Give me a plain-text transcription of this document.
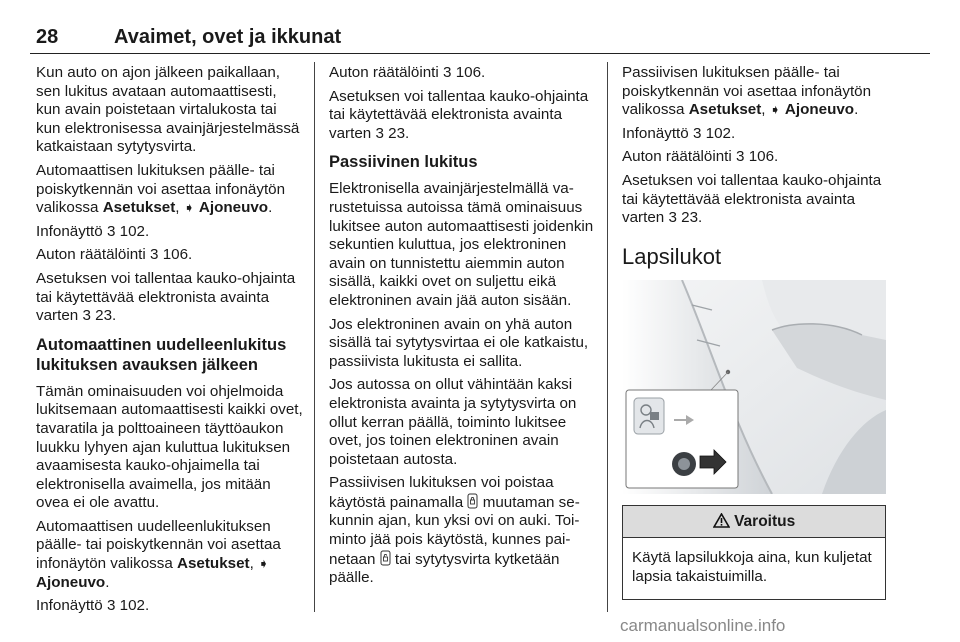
28	Avaimet, ovet ja ikkunat

Kun auto on ajon jälkeen paikallaan, sen lukitus avataan automaattisesti, kun avain poistetaan virtalukosta tai kun elektronisessa avainjärjestelmässä katkaistaan sytytysvirta.

Automaattisen lukituksen päälle- tai poiskytkennän voi asettaa infonäytön valikossa Asetukset, ➧ Ajoneuvo.

Infonäyttö 3 102.

Auton räätälöinti 3 106.

Asetuksen voi tallentaa kauko-ohjainta tai käytettävää elektronista avainta varten 3 23.

Automaattinen uudelleenlukitus lukituksen avauksen jälkeen

Tämän ominaisuuden voi ohjelmoida lukitsemaan automaattisesti kaikki ovet, tavaratila ja polttoaineen täyttöaukon luukku lyhyen ajan kuluttua lukituksen avaamisesta kauko-ohjaimella tai elektronisella avaimella, jos mitään ovea ei ole avattu.

Automaattisen uudelleenlukituksen päälle- tai poiskytkennän voi asettaa infonäytön valikossa Asetukset, ➧ Ajoneuvo.

Infonäyttö 3 102.

Auton räätälöinti 3 106.

Asetuksen voi tallentaa kauko-ohjainta tai käytettävää elektronista avainta varten 3 23.

Passiivinen lukitus

Elektronisella avainjärjestelmällä varustetuissa autoissa tämä ominaisuus lukitsee auton automaattisesti joidenkin sekuntien kuluttua, jos elektroninen avain on tunnistettu aiemmin auton sisällä, kaikki ovet on suljettu eikä elektroninen avain jää auton sisään.

Jos elektroninen avain on yhä auton sisällä tai sytytysvirtaa ei ole katkaistu, passiivista lukitusta ei sallita.

Jos autossa on ollut vähintään kaksi elektronista avainta ja sytytysvirta on ollut kerran päällä, toiminto lukitsee ovet, jos toinen elektroninen avain poistetaan autosta.

Passiivisen lukituksen voi poistaa käytöstä painamalla muutaman sekunnin ajan, kun yksi ovi on auki. Toiminto jää pois käytöstä, kunnes painetaan tai sytytysvirta kytketään päälle.

Passiivisen lukituksen päälle- tai poiskytkennän voi asettaa infonäytön valikossa Asetukset, ➧ Ajoneuvo.

Infonäyttö 3 102.

Auton räätälöinti 3 106.

Asetuksen voi tallentaa kauko-ohjainta tai käytettävää elektronista avainta varten 3 23.

Lapsilukot
Varoitus
Käytä lapsilukkoja aina, kun kuljetat lapsia takaistuimilla.
carmanualsonline.info
